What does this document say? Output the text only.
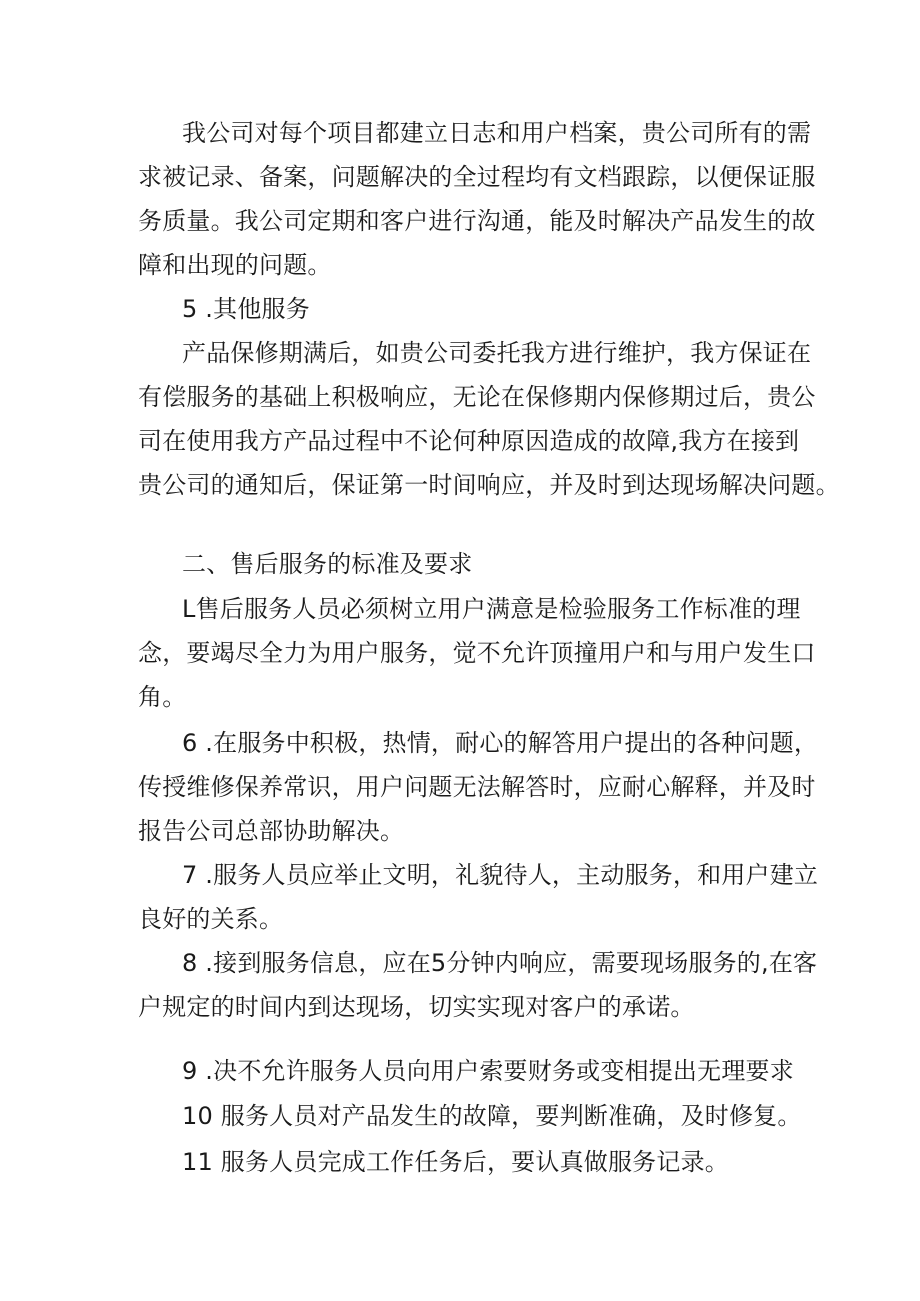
我公司对每个项目都建立日志和用户档案，贵公司所有的需
求被记录、备案，问题解决的全过程均有文档跟踪，以便保证服
务质量。我公司定期和客户进行沟通，能及时解决产品发生的故
障和出现的问题。
5 .其他服务
产品保修期满后，如贵公司委托我方进行维护，我方保证在
有偿服务的基础上积极响应，无论在保修期内保修期过后，贵公
司在使用我方产品过程中不论何种原因造成的故障,我方在接到
贵公司的通知后，保证第一时间响应，并及时到达现场解决问题。
二、售后服务的标准及要求
L售后服务人员必须树立用户满意是检验服务工作标准的理
念，要竭尽全力为用户服务，觉不允许顶撞用户和与用户发生口
角。
6 .在服务中积极，热情，耐心的解答用户提出的各种问题，
传授维修保养常识，用户问题无法解答时，应耐心解释，并及时
报告公司总部协助解决。
7 .服务人员应举止文明，礼貌待人，主动服务，和用户建立
良好的关系。
8 .接到服务信息，应在5分钟内响应，需要现场服务的,在客
户规定的时间内到达现场，切实实现对客户的承诺。
9 .决不允许服务人员向用户索要财务或变相提出无理要求
10 服务人员对产品发生的故障，要判断准确，及时修复。
11 服务人员完成工作任务后，要认真做服务记录。
